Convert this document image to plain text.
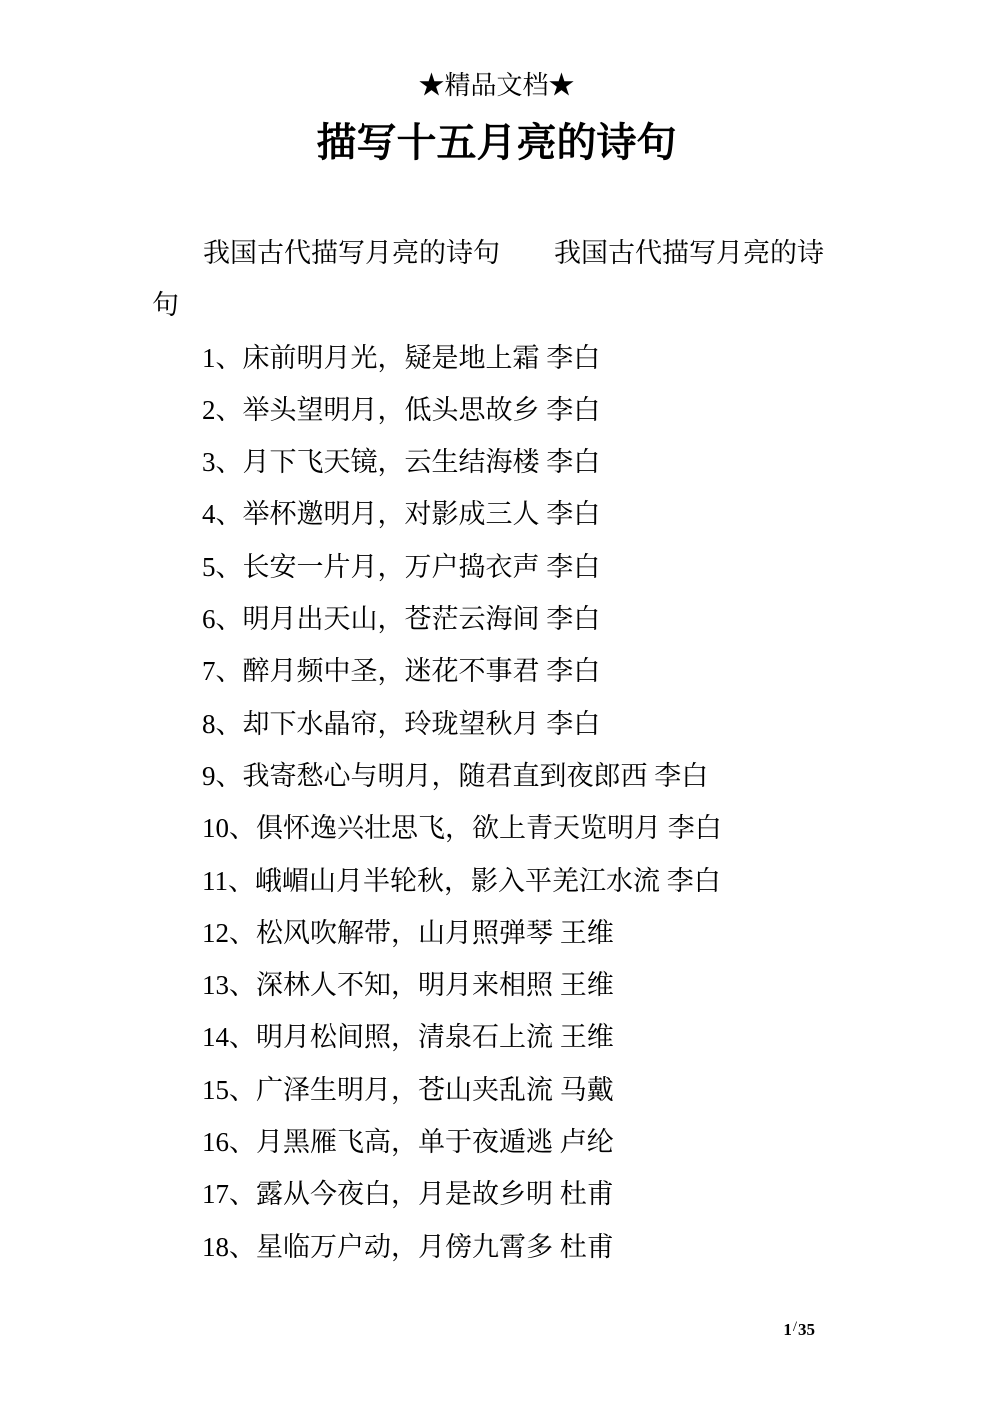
★精品文档★
描写十五月亮的诗句
我国古代描写月亮的诗句　　我国古代描写月亮的诗
句
1、床前明月光，疑是地上霜 李白
2、举头望明月，低头思故乡 李白
3、月下飞天镜，云生结海楼 李白
4、举杯邀明月，对影成三人 李白
5、长安一片月，万户捣衣声 李白
6、明月出天山，苍茫云海间 李白
7、醉月频中圣，迷花不事君 李白
8、却下水晶帘，玲珑望秋月 李白
9、我寄愁心与明月，随君直到夜郎西 李白
10、俱怀逸兴壮思飞，欲上青天览明月 李白
11、峨嵋山月半轮秋，影入平羌江水流 李白
12、松风吹解带，山月照弹琴 王维
13、深林人不知，明月来相照 王维
14、明月松间照，清泉石上流 王维
15、广泽生明月，苍山夹乱流 马戴
16、月黑雁飞高，单于夜遁逃 卢纶
17、露从今夜白，月是故乡明 杜甫
18、星临万户动，月傍九霄多 杜甫

1/35
